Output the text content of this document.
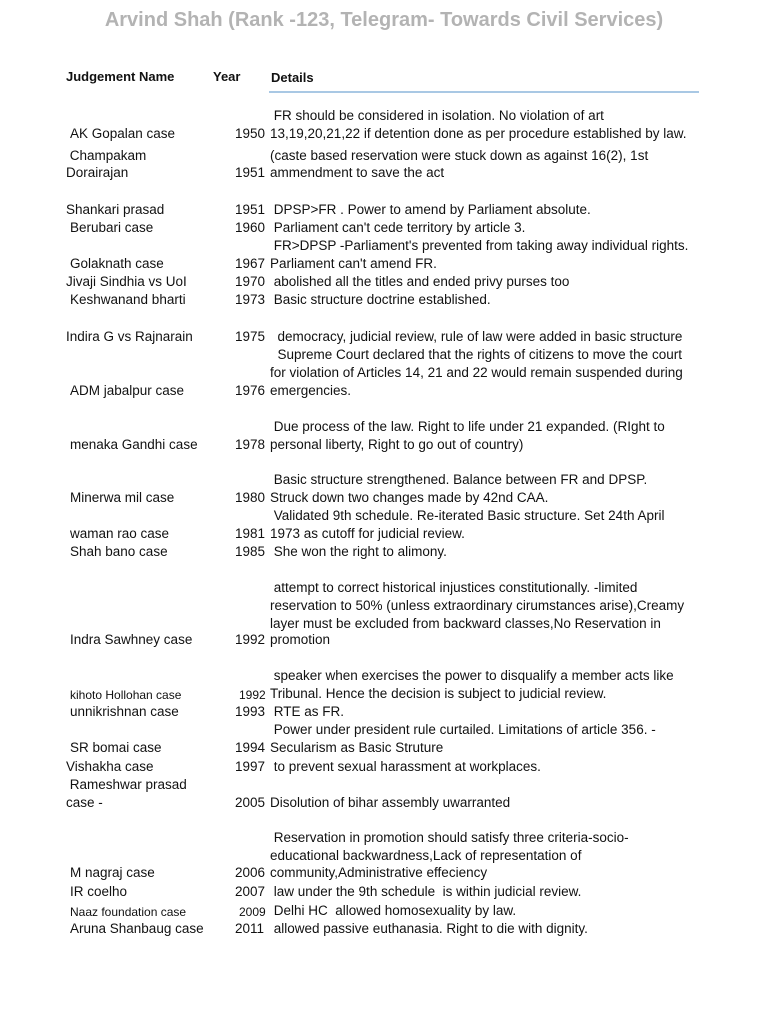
Arvind Shah (Rank -123, Telegram- Towards Civil Services)
Judgement Name	Year Details
FR should be considered in isolation. No violation of art
AK Gopalan case	1950 13,19,20,21,22 if detention done as per procedure established by law.
Champakam	(caste based reservation were stuck down as against 16(2), 1st
Dorairajan	1951 ammendment to save the act
Shankari prasad	1951 DPSP>FR . Power to amend by Parliament absolute.
Berubari case	1960 Parliament can't cede territory by article 3.
FR>DPSP -Parliament's prevented from taking away individual rights.
Golaknath case	1967 Parliament can't amend FR.
Jivaji Sindhia vs UoI	1970 abolished all the titles and ended privy purses too
Keshwanand bharti	1973 Basic structure doctrine established.
Indira G vs Rajnarain	1975 democracy, judicial review, rule of law were added in basic structure
Supreme Court declared that the rights of citizens to move the court
for violation of Articles 14, 21 and 22 would remain suspended during
ADM jabalpur case	1976 emergencies.
Due process of the law. Right to life under 21 expanded. (RIght to
menaka Gandhi case	1978 personal liberty, Right to go out of country)
Basic structure strengthened. Balance between FR and DPSP.
Minerwa mil case	1980 Struck down two changes made by 42nd CAA.
Validated 9th schedule. Re-iterated Basic structure. Set 24th April
waman rao case	1981 1973 as cutoff for judicial review.
Shah bano case	1985 She won the right to alimony.
attempt to correct historical injustices constitutionally. -limited
reservation to 50% (unless extraordinary cirumstances arise),Creamy
layer must be excluded from backward classes,No Reservation in
Indra Sawhney case	1992 promotion
speaker when exercises the power to disqualify a member acts like
kihoto Hollohan case	1992 Tribunal. Hence the decision is subject to judicial review.
unnikrishnan case	1993 RTE as FR.
Power under president rule curtailed. Limitations of article 356. -
SR bomai case	1994 Secularism as Basic Struture
Vishakha case	1997 to prevent sexual harassment at workplaces.
Rameshwar prasad
case -	2005 Disolution of bihar assembly uwarranted
Reservation in promotion should satisfy three criteria-socio-
educational backwardness,Lack of representation of
M nagraj case	2006 community,Administrative effeciency
IR coelho	2007 law under the 9th schedule  is within judicial review.
Naaz foundation case	2009 Delhi HC  allowed homosexuality by law.
Aruna Shanbaug case 2011 allowed passive euthanasia. Right to die with dignity.
